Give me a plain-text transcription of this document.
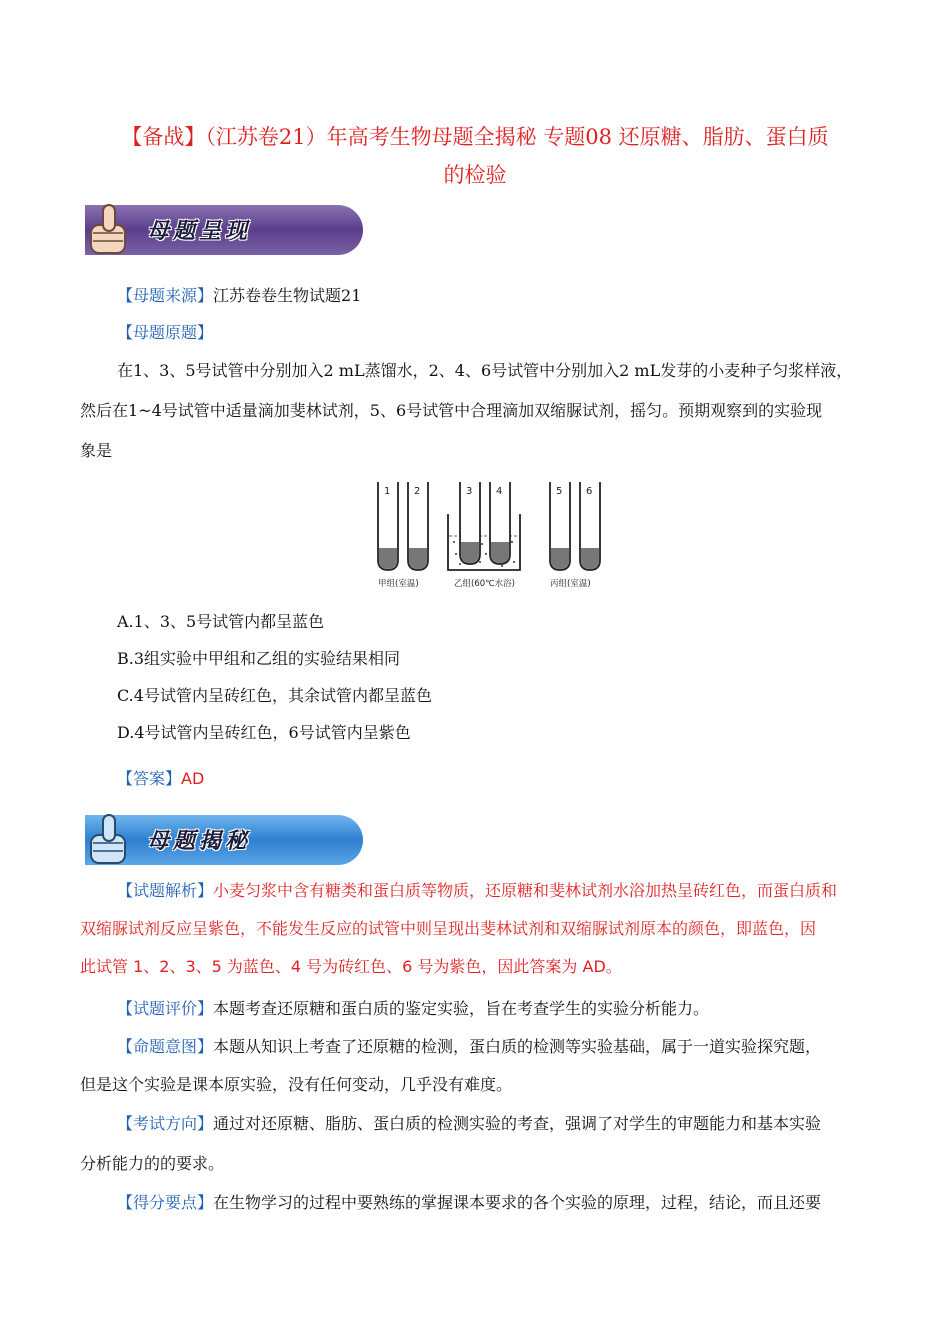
【备战】（江苏卷21）年高考生物母题全揭秘 专题08 还原糖、脂肪、蛋白质
的检验
母题呈现
【母题来源】江苏卷卷生物试题21
【母题原题】
在1、3、5号试管中分别加入2 mL蒸馏水，2、4、6号试管中分别加入2 mL发芽的小麦种子匀浆样液，
然后在1~4号试管中适量滴加斐林试剂，5、6号试管中合理滴加双缩脲试剂，摇匀。预期观察到的实验现
象是
1 2	3 4	5 6
甲组(室温)	乙组(60℃水浴)	丙组(室温)
A.1、3、5号试管内都呈蓝色
B.3组实验中甲组和乙组的实验结果相同
C.4号试管内呈砖红色，其余试管内都呈蓝色
D.4号试管内呈砖红色，6号试管内呈紫色
【答案】AD
母题揭秘
【试题解析】小麦匀浆中含有糖类和蛋白质等物质，还原糖和斐林试剂水浴加热呈砖红色，而蛋白质和
双缩脲试剂反应呈紫色，不能发生反应的试管中则呈现出斐林试剂和双缩脲试剂原本的颜色，即蓝色，因
此试管 1、2、3、5 为蓝色、4 号为砖红色、6 号为紫色，因此答案为 AD。
【试题评价】本题考查还原糖和蛋白质的鉴定实验，旨在考查学生的实验分析能力。
【命题意图】本题从知识上考查了还原糖的检测，蛋白质的检测等实验基础，属于一道实验探究题，
但是这个实验是课本原实验，没有任何变动，几乎没有难度。
【考试方向】通过对还原糖、脂肪、蛋白质的检测实验的考查，强调了对学生的审题能力和基本实验
分析能力的的要求。
【得分要点】在生物学习的过程中要熟练的掌握课本要求的各个实验的原理，过程，结论，而且还要
